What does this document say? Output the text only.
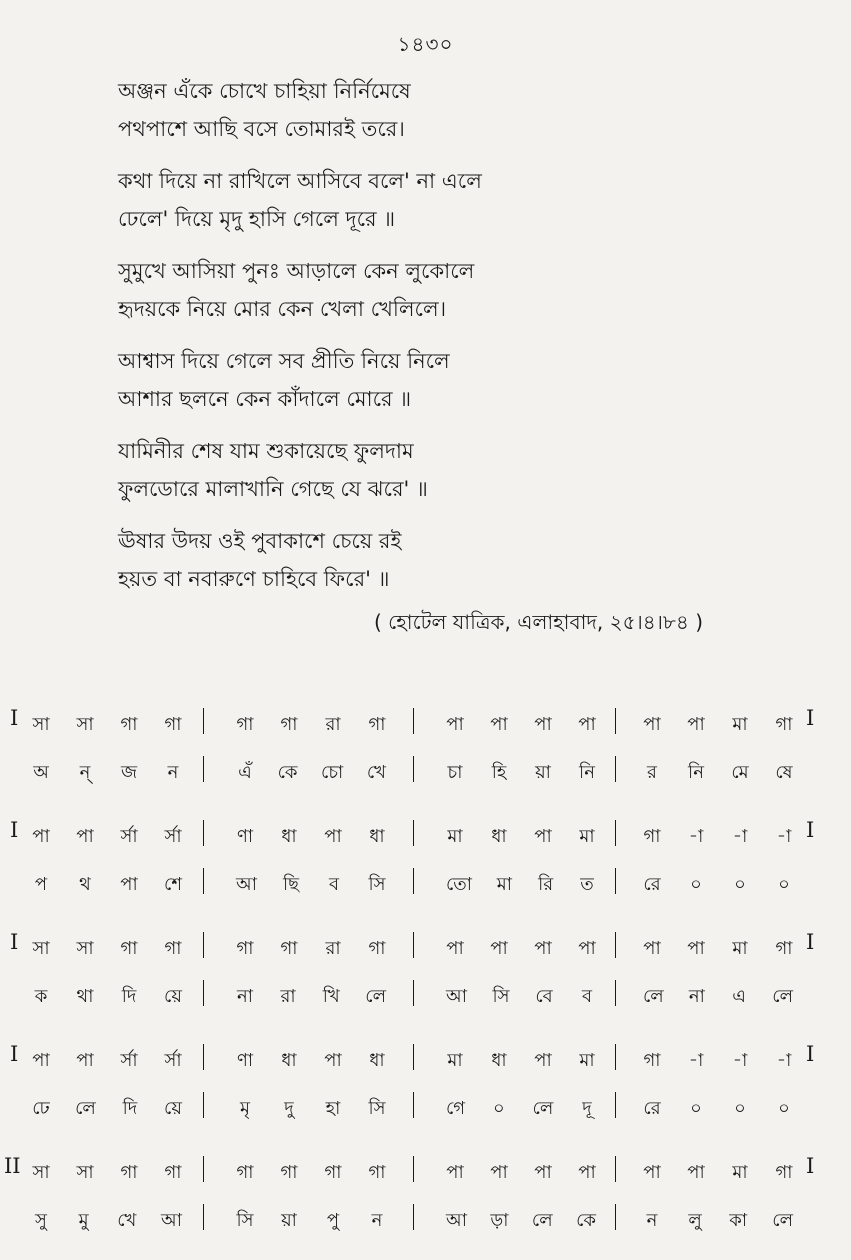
১৪৩০
অঞ্জন এঁকে চোখে চাহিয়া নির্নিমেষে
পথপাশে আছি বসে তোমারই তরে।
কথা দিয়ে না রাখিলে আসিবে বলে' না এলে
ঢেলে' দিয়ে মৃদু হাসি গেলে দূরে ॥
সুমুখে আসিয়া পুনঃ আড়ালে কেন লুকোলে
হৃদয়কে নিয়ে মোর কেন খেলা খেলিলে।
আশ্বাস দিয়ে গেলে সব প্রীতি নিয়ে নিলে
আশার ছলনে কেন কাঁদালে মোরে ॥
যামিনীর শেষ যাম শুকায়েছে ফুলদাম
ফুলডোরে মালাখানি গেছে যে ঝরে' ॥
ঊষার উদয় ওই পুবাকাশে চেয়ে রই
হয়ত বা নবারুণে চাহিবে ফিরে' ॥
( হোটেল যাত্রিক, এলাহাবাদ, ২৫।৪।৮৪ )
I	I
সা সা গা গা	গা গা রা গা	পা পা পা পা	পা পা মা গা
অ ন্ জ ন	এঁ কে চো খে	চা হি য়া নি	র নি মে ষে
I	I
পা পা র্সা র্সা	ণা ধা পা ধা	মা ধা পা মা	গা -া -া -া
প থ পা শে	আ ছি ব সি	তো মা রি ত	রে ০ ০ ০
I	I
সা সা গা গা	গা গা রা গা	পা পা পা পা	পা পা মা গা
ক থা দি য়ে	না রা খি লে	আ সি বে ব	লে না এ লে
I	I
পা পা র্সা র্সা	ণা ধা পা ধা	মা ধা পা মা	গা -া -া -া
ঢে লে দি য়ে	মৃ দু হা সি	গে ০ লে দূ	রে ০ ০ ০
II	I
সা সা গা গা	গা গা গা গা	পা পা পা পা	পা পা মা গা
সু মু খে আ	সি য়া পু ন	আ ড়া লে কে	ন লু কা লে
